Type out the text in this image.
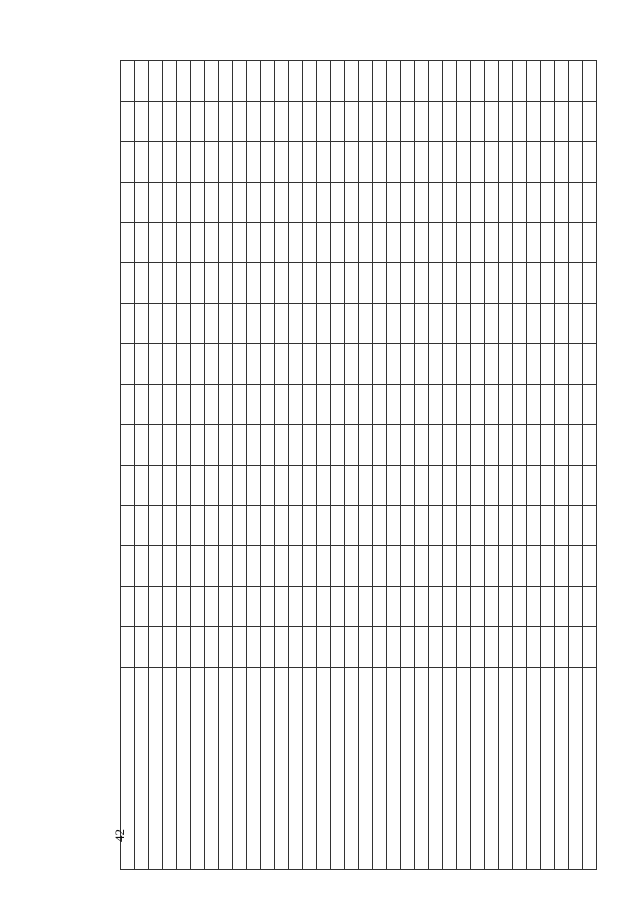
42
